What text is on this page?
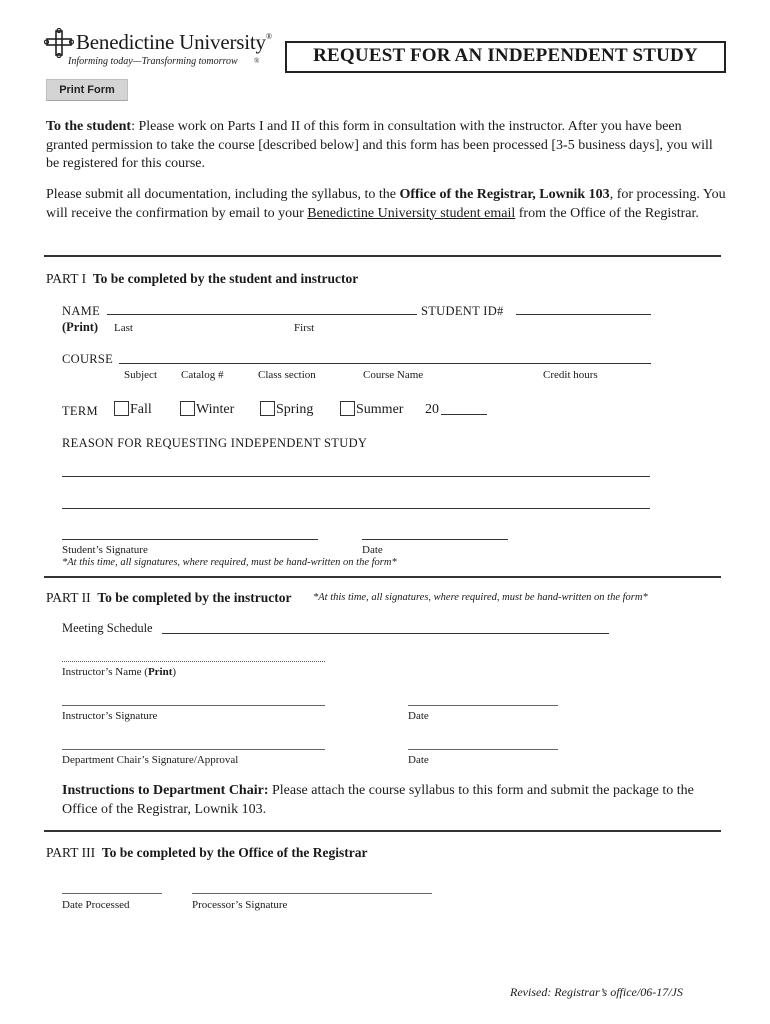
Benedictine University ®
Informing today—Transforming tomorrow ®	REQUEST FOR AN INDEPENDENT STUDY
Print Form
To the student: Please work on Parts I and II of this form in consultation with the instructor. After you have been granted permission to take the course [described below] and this form has been processed [3-5 business days], you will be registered for this course.
Please submit all documentation, including the syllabus, to the Office of the Registrar, Lownik 103, for processing. You will receive the confirmation by email to your Benedictine University student email from the Office of the Registrar.
PART I To be completed by the student and instructor
NAME	STUDENT ID#
(Print) Last	First
COURSE
Subject Catalog #	Class section	Course Name	Credit hours
TERM Fall	Winter	Spring	Summer 20
REASON FOR REQUESTING INDEPENDENT STUDY
Student’s Signature	Date
*At this time, all signatures, where required, must be hand-written on the form*
PART II To be completed by the instructor *At this time, all signatures, where required, must be hand-written on the form*
Meeting Schedule
Instructor’s Name (Print)
Instructor’s Signature	Date
Department Chair’s Signature/Approval	Date
Instructions to Department Chair: Please attach the course syllabus to this form and submit the package to the Office of the Registrar, Lownik 103.
PART III To be completed by the Office of the Registrar
Date Processed	Processor’s Signature
Revised: Registrar’s office/06-17/JS
